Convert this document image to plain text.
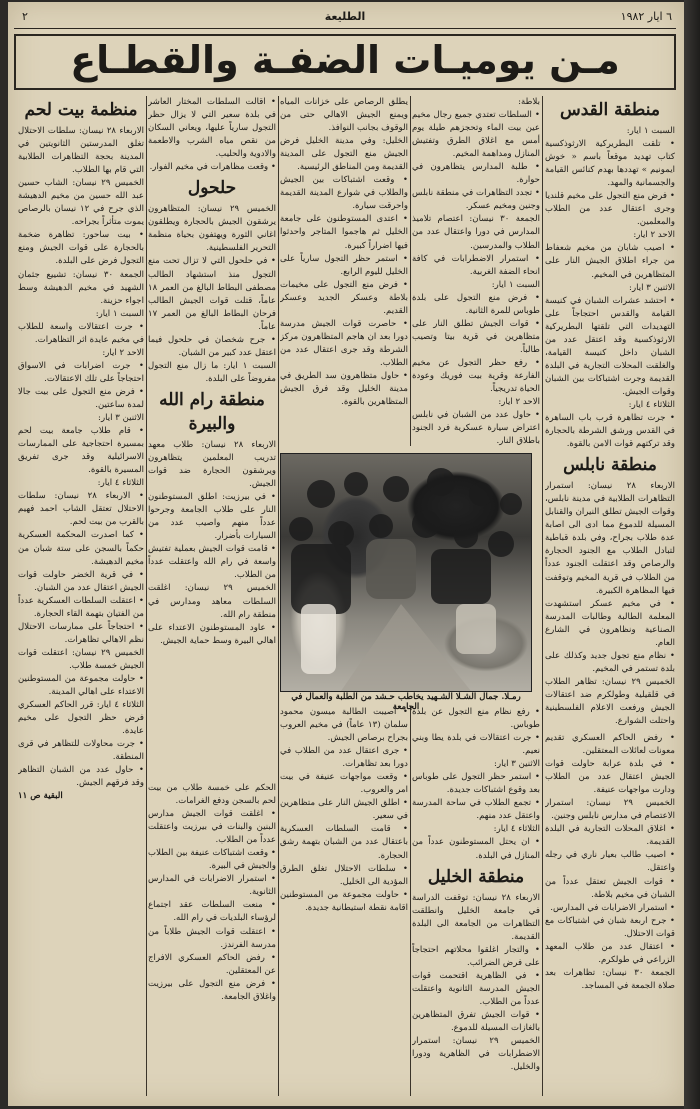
٦ ايار ١٩٨٢
الطليعة
٢
مـن يوميـات الضفـة والقطـاع
منطقة القدس

السبت ١ ايار:

• تلقت البطريركية الارثوذكسية كتاب تهديد موقعاً باسم « خوش ايمونيم » تهددها بهدم كنائس القيامة والجسمانية والمهد.

• فرض منع التجول على مخيم قلنديا وجرى اعتقال عدد من الطلاب والمعلمين.

الاحد ٢ ايار:

• اصيب شابان من مخيم شعفاط من جراء اطلاق الجيش النار على المتظاهرين في المخيم.

الاثنين ٣ ايار:

• احتشد عشرات الشبان في كنيسة القيامة والقدس احتجاجاً على التهديدات التي تلقتها البطريركية الارثوذكسية وقد اعتقل عدد من الشبان داخل كنيسة القيامة، والغلقت المحلات التجارية في البلدة القديمة وجرت اشتباكات بين الشبان وقوات الجيش.

الثلاثاء ٤ ايار:

• جرت تظاهرة قرب باب الساهرة في القدس ورشق الشرطة بالحجارة وقد تركتهم قوات الامن بالقوة.

منطقة نابلس

الاربعاء ٢٨ نيسان: استمرار التظاهرات الطلابية في مدينة نابلس، وقوات الجيش تطلق النيران والقنابل المسيلة للدموع مما ادى الى اصابة عدة طلاب بجراح، وفي بلدة قباطية لتبادل الطلاب مع الجنود الحجارة والرصاص وقد اعتقلت الجنود عدداً من الطلاب في قرية المخيم وتوقفت فيها المظاهرة الكبيرة.

• في مخيم عسكر استشهدت المعلمة الطالبة وطالبات المدرسة الصناعية ونظاهرون في الشارع العام.

• نظام منع تجول جديد وكذلك على بلدة تستمر في المخيم.

الخميس ٢٩ نيسان: تظاهر الطلاب في قلقيلية وطولكرم ضد اعتقالات الجيش ورفعت الاعلام الفلسطينية واحتلت الشوارع.

بلاطة:

• السلطات تعتدي جميع رجال مخيم عين بيت الماء وتحجزهم طيلة يوم أمس مع اغلاق الطرق وتفتيش المنازل ومداهمة المخيم.

• طلبة المدارس يتظاهرون في حوارة.

• تجدد التظاهرات في منطقة نابلس وجنين ومخيم عسكر.

الجمعة ٣٠ نيسان: اعتصام تلاميذ المدارس في دورا واعتقال عدد من الطلاب والمدرسين.

• استمرار الاضطرابات في كافة انحاء الضفة الغربية.

السبت ١ ايار:

• فرض منع التجول على بلدة طوباس للمرة الثانية.

• قوات الجيش تطلق النار على متظاهرين في قرية بيتا وتصيب طالباً.

• رفع حظر التجول عن مخيم الفارعة وقرية بيت فوريك وعودة الحياة تدريجياً.

الاحد ٢ ايار:

• حاول عدد من الشبان في نابلس اعتراض سيارة عسكرية فرد الجنود باطلاق النار.

يطلق الرصاص على خزانات المياه ويمنع الجيش الاهالي حتى من الوقوف بجانب النوافذ.

الخليل: وفي مدينة الخليل فرض الجيش منع التجول على المدينة القديمة ومن المناطق الرئيسية.

• وقعت اشتباكات بين الجيش والطلاب في شوارع المدينة القديمة واحرقت سيارة.

• اعتدى المستوطنون على جامعة الخليل ثم هاجموا المتاجر واحدثوا فيها اضراراً كبيرة.

• استمر حظر التجول سارياً على الخليل لليوم الرابع.

• فرض منع التجول على مخيمات بلاطة وعسكر الجديد وعسكر القديم.

• حاصرت قوات الجيش مدرسة دورا بعد ان هاجم المتظاهرون مركز الشرطة وقد جرى اعتقال عدد من الطلاب.

• حاول متظاهرون سد الطريق في مدينة الخليل وقد فرق الجيش المتظاهرين بالقوة.

• اقالت السلطات المختار العاشر في بلدة سعير التي لا يزال حظر التجول سارياً عليها، ويعاني السكان من نقص مياه الشرب والاطعمة والادوية والحليب.

• وقعت مظاهرات في مخيم الفوار.

حلحول

الخميس ٢٩ نيسان: المتظاهرون يرشقون الجيش بالحجارة ويطلقون اغاني الثورة ويهتفون بحياة منظمة التحرير الفلسطينية.

• في حلحول التي لا تزال تحت منع التجول منذ استشهاد الطالب مصطفى البطاط البالغ من العمر ١٨ عاماً، قتلت قوات الجيش الطالب فرحان البطاط البالغ من العمر ١٧ عاماً.

• جرح شخصان في حلحول فيما اعتقل عدد كبير من الشبان.

السبت ١ ايار: ما زال منع التجول مفروضاً على البلدة.

منطقة رام الله والبيرة

الاربعاء ٢٨ نيسان: طلاب معهد تدريب المعلمين يتظاهرون ويرشقون الحجارة ضد قوات الجيش.

• في بيرزيت: اطلق المستوطنون النار على طلاب الجامعة وجرحوا عدداً منهم واصيب عدد من السيارات بأضرار.

• قامت قوات الجيش بعملية تفتيش واسعة في رام الله واعتقلت عدداً من الطلاب.

الخميس ٢٩ نيسان: اغلقت السلطات معاهد ومدارس في منطقة رام الله.

• عاود المستوطنون الاعتداء على اهالي البيرة وسط حماية الجيش.

منظمة بيت لحم

الاربعاء ٢٨ نيسان: سلطات الاحتلال تغلق المدرستين الثانويتين في المدينة بحجة التظاهرات الطلابية التي قام بها الطلاب.

الخميس ٢٩ نيسان: الشاب حسين عبد الله حسين من مخيم الدهيشة الذي جرح في ١٢ نيسان بالرصاص يموت متأثراً بجراحه.

• بيت ساحور: تظاهرة ضخمة بالحجارة على قوات الجيش ومنع التجول فرض على البلدة.

الجمعة ٣٠ نيسان: تشييع جثمان الشهيد في مخيم الدهيشة وسط اجواء حزينة.

السبت ١ ايار:

• جرت اعتقالات واسعة للطلاب في مخيم عايدة اثر التظاهرات.

الاحد ٢ ايار:

• جرت اضرابات في الاسواق احتجاجاً على تلك الاعتقالات.

• فرض منع التجول على بيت جالا لمدة ساعتين.

الاثنين ٣ ايار:

• قام طلاب جامعة بيت لحم بمسيرة احتجاجية على الممارسات الاسرائيلية وقد جرى تفريق المسيرة بالقوة.

الثلاثاء ٤ ايار:

• الاربعاء ٢٨ نيسان: سلطات الاحتلال تعتقل الشاب احمد فهيم بالقرب من بيت لحم.

• كما اصدرت المحكمة العسكرية حكماً بالسجن على ستة شبان من مخيم الدهيشة.

• في قرية الخضر حاولت قوات الجيش اعتقال عدد من الشبان.

• اعتقلت السلطات العسكرية عدداً من الفتيان بتهمة القاء الحجارة.

• احتجاجاً على ممارسات الاحتلال نظم الاهالي تظاهرات.

الخميس ٢٩ نيسان: اعتقلت قوات الجيش خمسة طلاب.

• حاولت مجموعة من المستوطنين الاعتداء على اهالي المدينة.

الثلاثاء ٤ ايار: قرر الحاكم العسكري فرض حظر التجول على مخيم عايدة.

• جرت محاولات للتظاهر في قرى المنطقة.

• حاول عدد من الشبان التظاهر وقد فرقهم الجيش.

البقية ص ١١

• رفض الحاكم العسكري تقديم معونات لعائلات المعتقلين.

• في بلدة عرابة حاولت قوات الجيش اعتقال عدد من الطلاب ودارت مواجهات عنيفة.

الخميس ٢٩ نيسان: استمرار الاعتصام في مدارس نابلس وجنين.

• اغلاق المحلات التجارية في البلدة القديمة.

• اصيب طالب بعيار ناري في رجله واعتقل.

• قوات الجيش تعتقل عدداً من الشبان في مخيم بلاطة.

• استمرار الاضرابات في المدارس.

• جرح اربعة شبان في اشتباكات مع قوات الاحتلال.

• اعتقال عدد من طلاب المعهد الزراعي في طولكرم.

الجمعة ٣٠ نيسان: تظاهرات بعد صلاة الجمعة في المساجد.

• رفع نظام منع التجول عن بلدة طوباس.

• جرت اعتقالات في بلدة يطا وبني نعيم.

الاثنين ٣ ايار:

• استمر حظر التجول على طوباس بعد وقوع اشتباكات جديدة.

• تجمع الطلاب في ساحة المدرسة واعتقل عدد منهم.

الثلاثاء ٤ ايار:

• ان يحتل المستوطنون عدداً من المنازل في البلدة.

منطقة الخليل

الاربعاء ٢٨ نيسان: توقفت الدراسة في جامعة الخليل وانطلقت التظاهرات من الجامعة الى البلدة القديمة.

• والتجار اغلقوا محلاتهم احتجاجاً على فرض الضرائب.

• في الظاهرية اقتحمت قوات الجيش المدرسة الثانوية واعتقلت عدداً من الطلاب.

• قوات الجيش تفرق المتظاهرين بالغازات المسيلة للدموع.

الخميس ٢٩ نيسان: استمرار الاضطرابات في الظاهرية ودورا والخليل.

• اصيبت الطالبة ميسون محمود سلمان (١٣ عاماً) في مخيم العروب بجراح برصاص الجيش.

• جرى اعتقال عدد من الطلاب في دورا بعد تظاهرات.

• وقعت مواجهات عنيفة في بيت امر والعروب.

• اطلق الجيش النار على متظاهرين في سعير.

• قامت السلطات العسكرية باعتقال عدد من الشبان بتهمة رشق الحجارة.

• سلطات الاحتلال تغلق الطرق المؤدية الى الخليل.

• حاولت مجموعة من المستوطنين اقامة نقطة استيطانية جديدة.

الحكم على خمسة طلاب من بيت لحم بالسجن ودفع الغرامات.

• اغلقت قوات الجيش مدارس البنين والبنات في بيرزيت واعتقلت عدداً من الطلاب.

• وقعت اشتباكات عنيفة بين الطلاب والجيش في البيرة.

• استمرار الاضرابات في المدارس الثانوية.

• منعت السلطات عقد اجتماع لرؤساء البلديات في رام الله.

• اعتقلت قوات الجيش طلاباً من مدرسة الفرندز.

• رفض الحاكم العسكري الافراج عن المعتقلين.

• فرض منع التجول على بيرزيت واغلاق الجامعة.

رمـلا. جمال الشـلا الشـهيد يخاطب حـشد من الطلبة والعمال في الجامعة
